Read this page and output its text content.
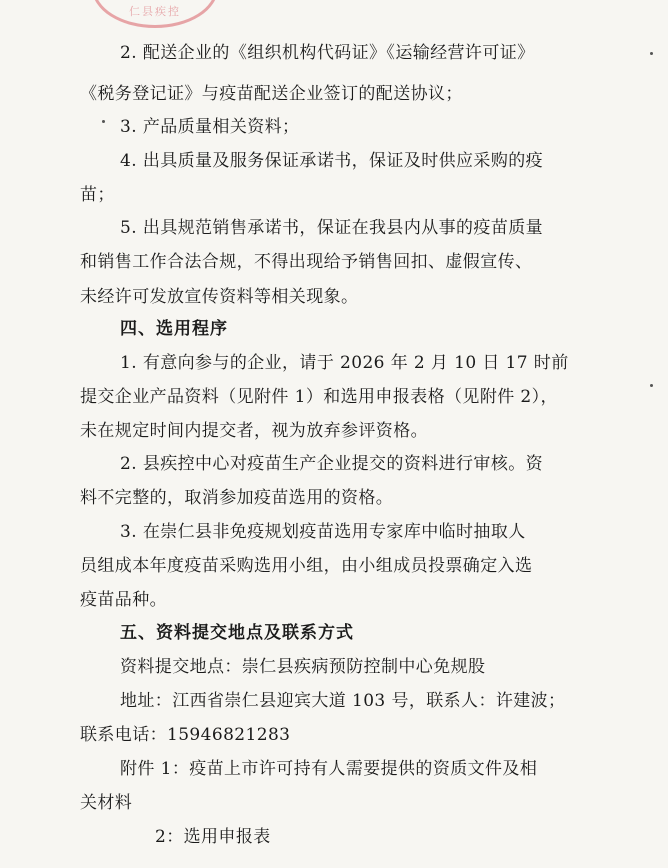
仁县疾控
2. 配送企业的《组织机构代码证》《运输经营许可证》
《税务登记证》与疫苗配送企业签订的配送协议；
3. 产品质量相关资料；
4. 出具质量及服务保证承诺书，保证及时供应采购的疫
苗；
5. 出具规范销售承诺书，保证在我县内从事的疫苗质量
和销售工作合法合规，不得出现给予销售回扣、虚假宣传、
未经许可发放宣传资料等相关现象。
四、选用程序
1. 有意向参与的企业，请于 2026 年 2 月 10 日 17 时前
提交企业产品资料（见附件 1）和选用申报表格（见附件 2），
未在规定时间内提交者，视为放弃参评资格。
2. 县疾控中心对疫苗生产企业提交的资料进行审核。资
料不完整的，取消参加疫苗选用的资格。
3. 在崇仁县非免疫规划疫苗选用专家库中临时抽取人
员组成本年度疫苗采购选用小组，由小组成员投票确定入选
疫苗品种。
五、资料提交地点及联系方式
资料提交地点：崇仁县疾病预防控制中心免规股
地址：江西省崇仁县迎宾大道 103 号，联系人：许建波；
联系电话：15946821283
附件 1：疫苗上市许可持有人需要提供的资质文件及相
关材料
2：选用申报表
